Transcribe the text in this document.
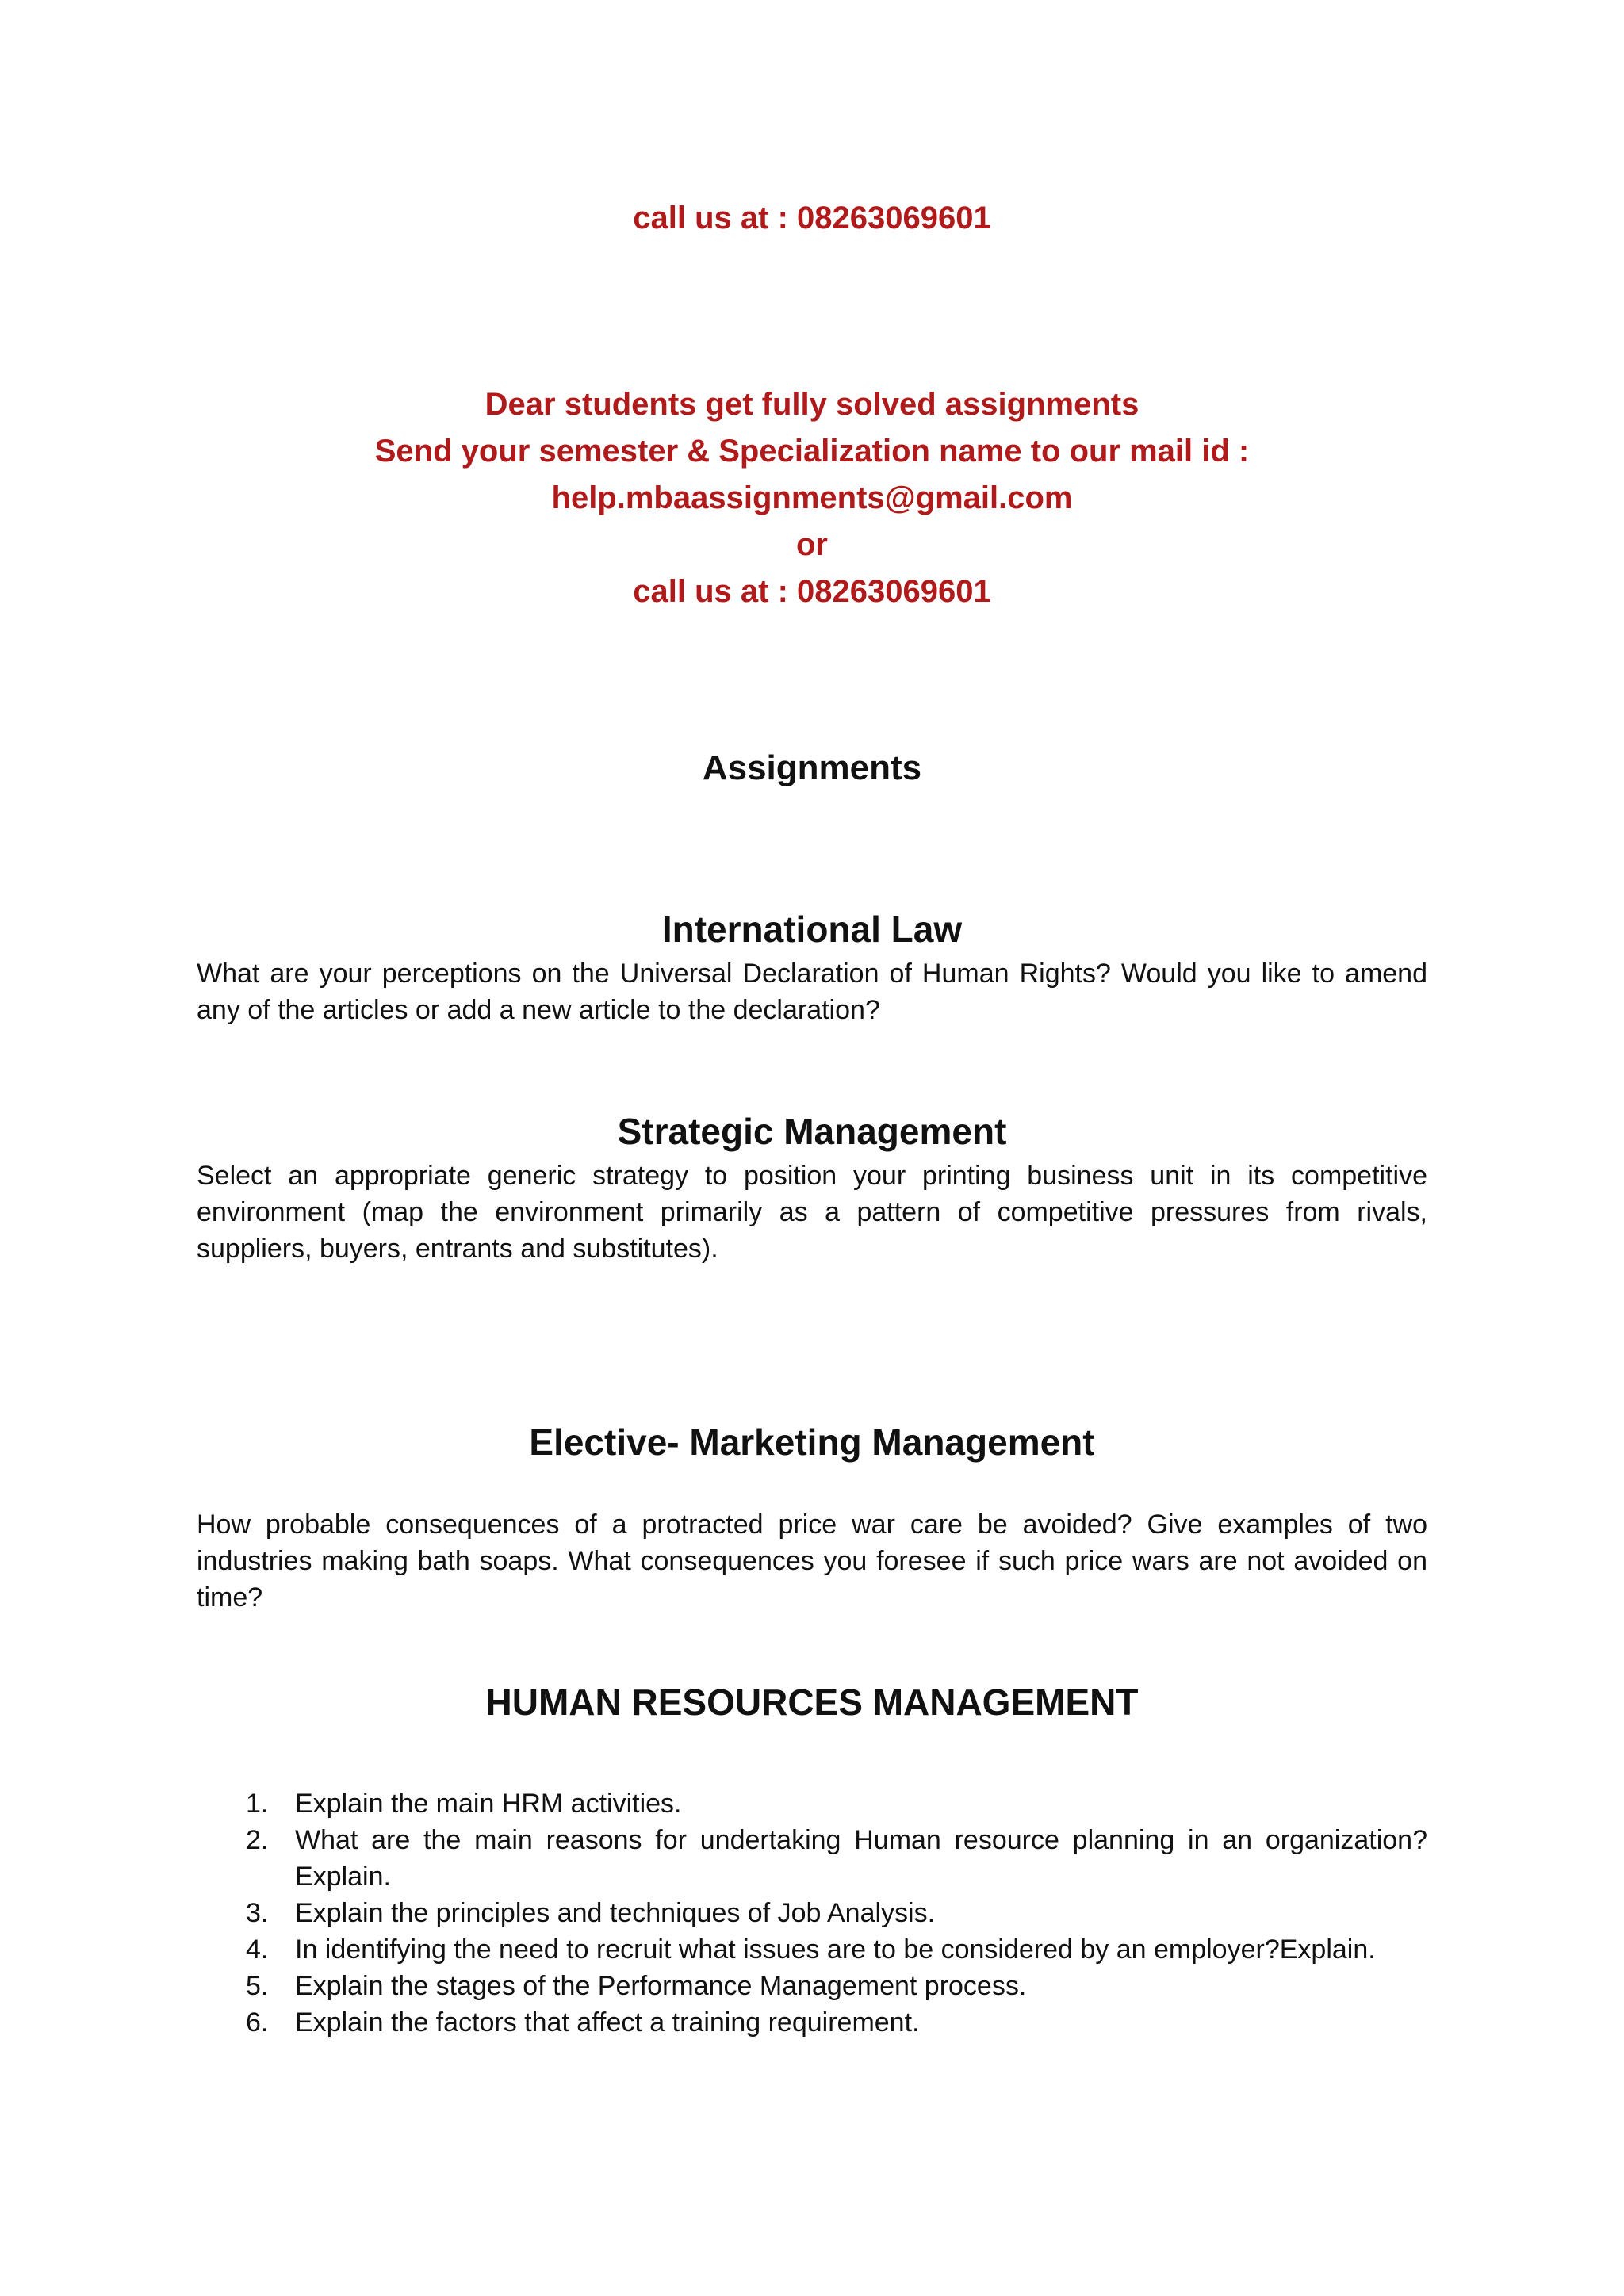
call us at : 08263069601
Dear students get fully solved assignments
Send your semester & Specialization name to our mail id :
help.mbaassignments@gmail.com
or
call us at : 08263069601
Assignments
International Law
What are your perceptions on the Universal Declaration of Human Rights? Would you like to amend any of the articles or add a new article to the declaration?
Strategic Management
Select an appropriate generic strategy to position your printing business unit in its competitive environment (map the environment primarily as a pattern of competitive pressures from rivals, suppliers, buyers, entrants and substitutes).
Elective- Marketing Management
How probable consequences of a protracted price war care be avoided? Give examples of two industries making bath soaps. What consequences you foresee if such price wars are not avoided on time?
HUMAN RESOURCES MANAGEMENT
1. Explain the main HRM activities.
2. What are the main reasons for undertaking Human resource planning in an organization?Explain.
3. Explain the principles and techniques of Job Analysis.
4. In identifying the need to recruit what issues are to be considered by an employer?Explain.
5. Explain the stages of the Performance Management process.
6. Explain the factors that affect a training requirement.
